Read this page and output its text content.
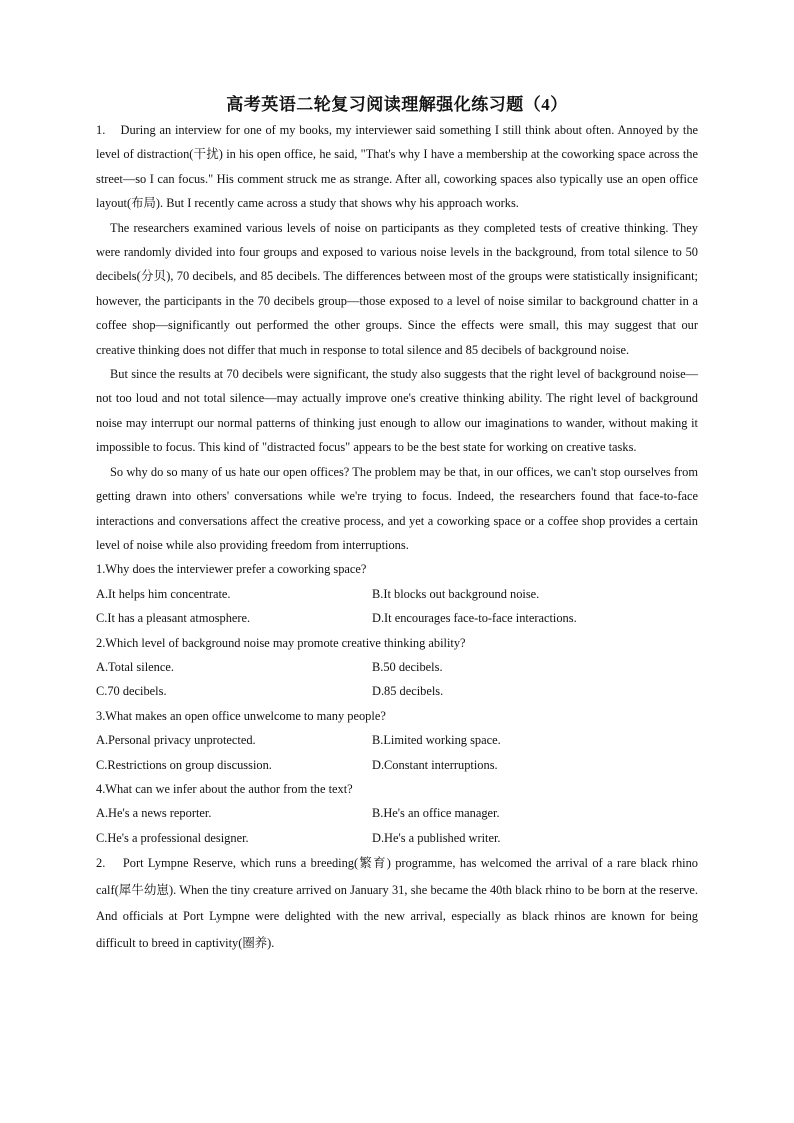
高考英语二轮复习阅读理解强化练习题（4）

1. During an interview for one of my books, my interviewer said something I still think about often. Annoyed by the level of distraction(干扰) in his open office, he said, "That's why I have a membership at the coworking space across the street—so I can focus." His comment struck me as strange. After all, coworking spaces also typically use an open office layout(布局). But I recently came across a study that shows why his approach works.

The researchers examined various levels of noise on participants as they completed tests of creative thinking. They were randomly divided into four groups and exposed to various noise levels in the background, from total silence to 50 decibels(分贝), 70 decibels, and 85 decibels. The differences between most of the groups were statistically insignificant; however, the participants in the 70 decibels group—those exposed to a level of noise similar to background chatter in a coffee shop—significantly out performed the other groups. Since the effects were small, this may suggest that our creative thinking does not differ that much in response to total silence and 85 decibels of background noise.

But since the results at 70 decibels were significant, the study also suggests that the right level of background noise—not too loud and not total silence—may actually improve one's creative thinking ability. The right level of background noise may interrupt our normal patterns of thinking just enough to allow our imaginations to wander, without making it impossible to focus. This kind of "distracted focus" appears to be the best state for working on creative tasks.

So why do so many of us hate our open offices? The problem may be that, in our offices, we can't stop ourselves from getting drawn into others' conversations while we're trying to focus. Indeed, the researchers found that face-to-face interactions and conversations affect the creative process, and yet a coworking space or a coffee shop provides a certain level of noise while also providing freedom from interruptions.

1.Why does the interviewer prefer a coworking space?

A.It helps him concentrate.	B.It blocks out background noise.
C.It has a pleasant atmosphere.	D.It encourages face-to-face interactions.

2.Which level of background noise may promote creative thinking ability?

A.Total silence.	B.50 decibels.
C.70 decibels.	D.85 decibels.

3.What makes an open office unwelcome to many people?

A.Personal privacy unprotected.	B.Limited working space.
C.Restrictions on group discussion.	D.Constant interruptions.

4.What can we infer about the author from the text?

A.He's a news reporter.	B.He's an office manager.
C.He's a professional designer.	D.He's a published writer.

2. Port Lympne Reserve, which runs a breeding(繁育) programme, has welcomed the arrival of a rare black rhino calf(犀牛幼崽). When the tiny creature arrived on January 31, she became the 40th black rhino to be born at the reserve. And officials at Port Lympne were delighted with the new arrival, especially as black rhinos are known for being difficult to breed in captivity(圈养).
